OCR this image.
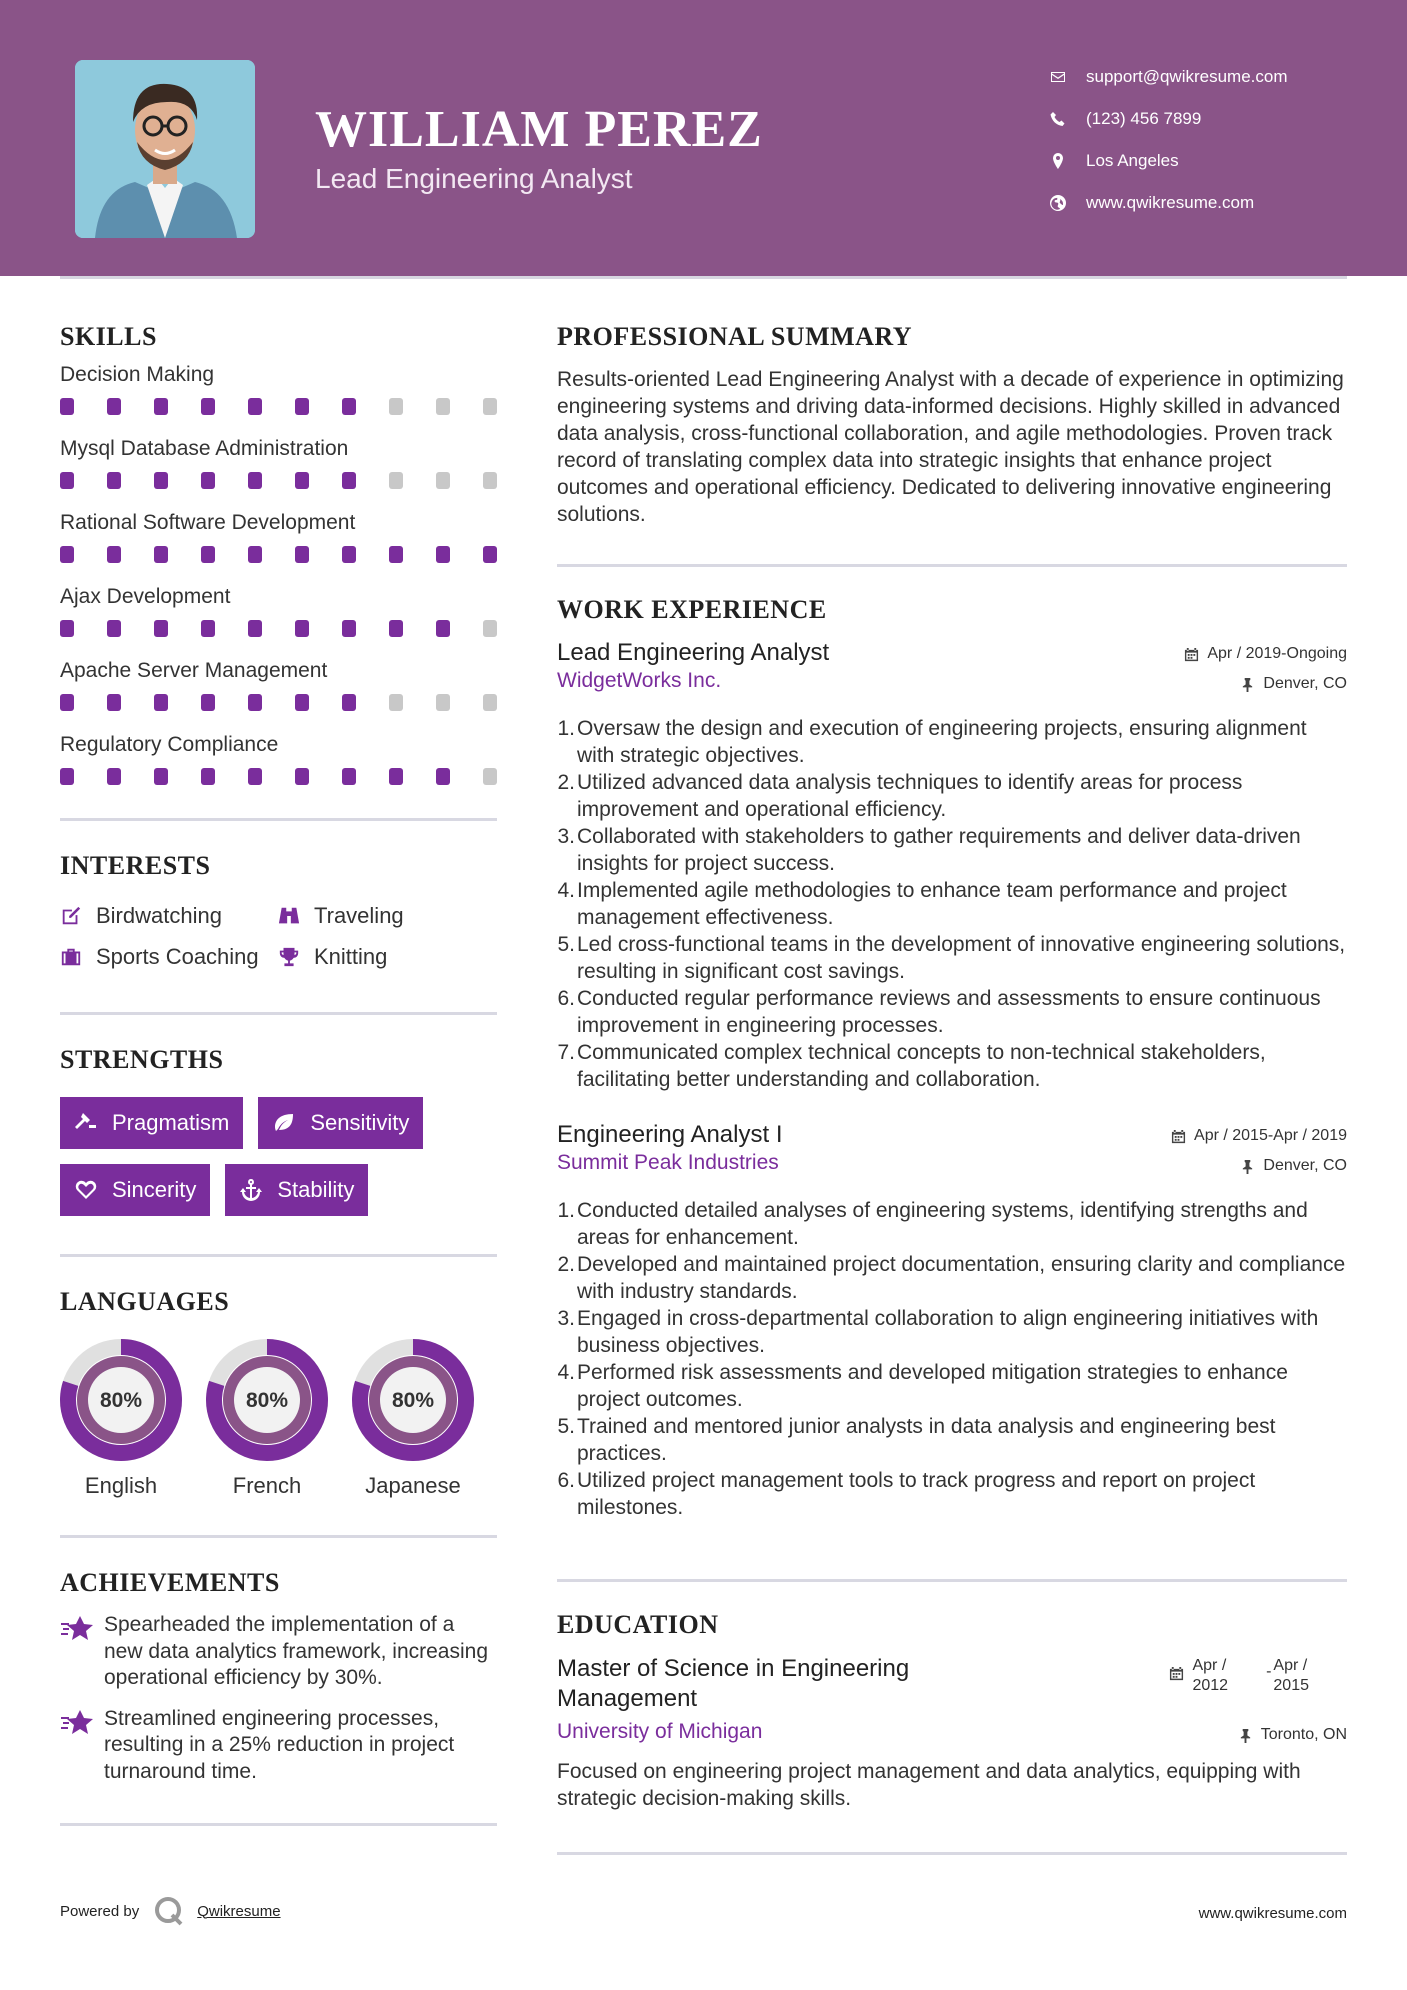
WILLIAM PEREZ
Lead Engineering Analyst
support@qwikresume.com
(123) 456 7899
Los Angeles
www.qwikresume.com
SKILLS
Decision Making
Mysql Database Administration
Rational Software Development
Ajax Development
Apache Server Management
Regulatory Compliance
INTERESTS
Birdwatching	Traveling
Sports Coaching	Knitting
STRENGTHS
Pragmatism	Sensitivity
Sincerity	Stability
LANGUAGES
80%
English
80%
French
80%
Japanese
ACHIEVEMENTS
Spearheaded the implementation of a new data analytics framework, increasing operational efficiency by 30%.
Streamlined engineering processes, resulting in a 25% reduction in project turnaround time.
PROFESSIONAL SUMMARY
Results-oriented Lead Engineering Analyst with a decade of experience in optimizing engineering systems and driving data-informed decisions. Highly skilled in advanced data analysis, cross-functional collaboration, and agile methodologies. Proven track record of translating complex data into strategic insights that enhance project outcomes and operational efficiency. Dedicated to delivering innovative engineering solutions.
WORK EXPERIENCE
Lead Engineering Analyst	Apr / 2019-Ongoing
WidgetWorks Inc.	Denver, CO
1. Oversaw the design and execution of engineering projects, ensuring alignment with strategic objectives.
2. Utilized advanced data analysis techniques to identify areas for process improvement and operational efficiency.
3. Collaborated with stakeholders to gather requirements and deliver data-driven insights for project success.
4. Implemented agile methodologies to enhance team performance and project management effectiveness.
5. Led cross-functional teams in the development of innovative engineering solutions, resulting in significant cost savings.
6. Conducted regular performance reviews and assessments to ensure continuous improvement in engineering processes.
7. Communicated complex technical concepts to non-technical stakeholders, facilitating better understanding and collaboration.
Engineering Analyst I	Apr / 2015-Apr / 2019
Summit Peak Industries	Denver, CO
1. Conducted detailed analyses of engineering systems, identifying strengths and areas for enhancement.
2. Developed and maintained project documentation, ensuring clarity and compliance with industry standards.
3. Engaged in cross-departmental collaboration to align engineering initiatives with business objectives.
4. Performed risk assessments and developed mitigation strategies to enhance project outcomes.
5. Trained and mentored junior analysts in data analysis and engineering best practices.
6. Utilized project management tools to track progress and report on project milestones.
EDUCATION
Master of Science in Engineering
Management
Apr /
2012
- Apr /
2015
University of Michigan	Toronto, ON
Focused on engineering project management and data analytics, equipping with strategic decision-making skills.
Powered by	Qwikresume	www.qwikresume.com
